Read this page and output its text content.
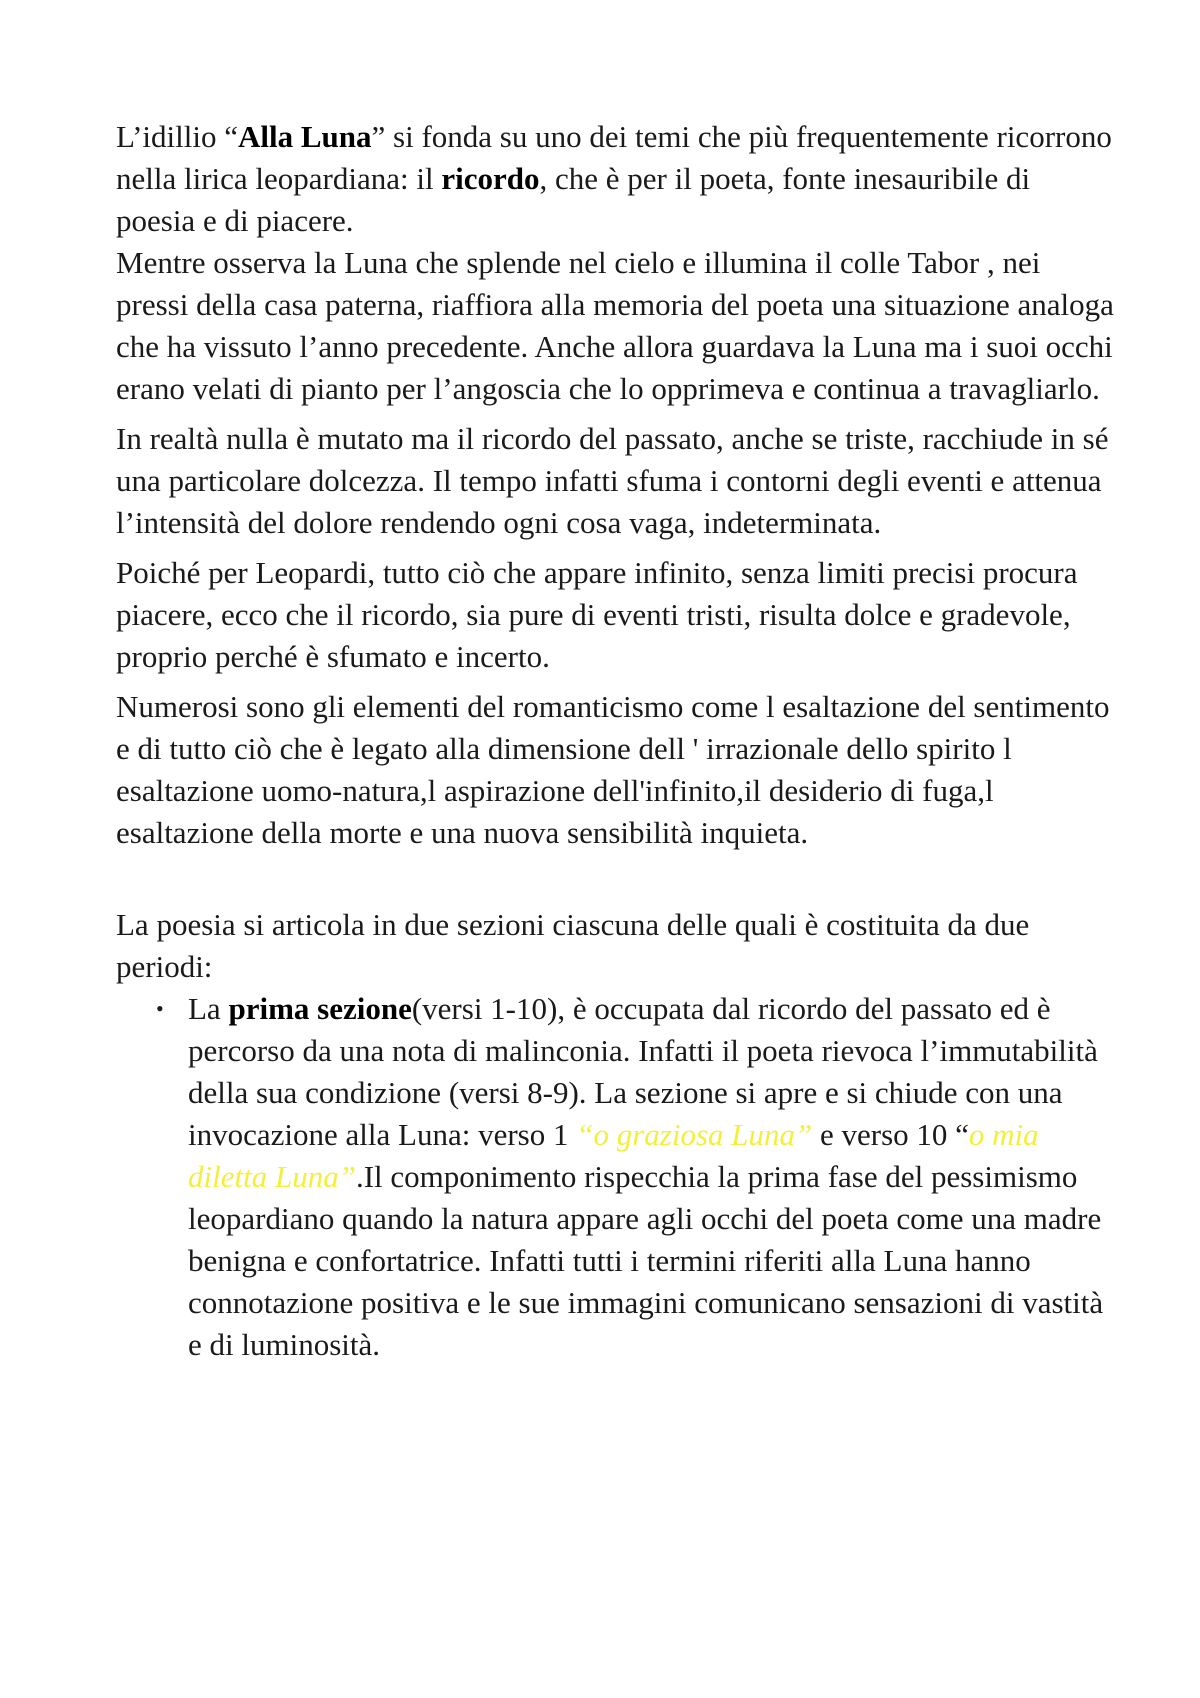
L’idillio “Alla Luna” si fonda su uno dei temi che più frequentemente ricorrono nella lirica leopardiana: il ricordo, che è per il poeta, fonte inesauribile di poesia e di piacere.

Mentre osserva la Luna che splende nel cielo e illumina il colle Tabor , nei pressi della casa paterna, riaffiora alla memoria del poeta una situazione analoga che ha vissuto l’anno precedente. Anche allora guardava la Luna ma i suoi occhi erano velati di pianto per l’angoscia che lo opprimeva e continua a travagliarlo.

In realtà nulla è mutato ma il ricordo del passato, anche se triste, racchiude in sé una particolare dolcezza. Il tempo infatti sfuma i contorni degli eventi e attenua l’intensità del dolore rendendo ogni cosa vaga, indeterminata.

Poiché per Leopardi, tutto ciò che appare infinito, senza limiti precisi procura piacere, ecco che il ricordo, sia pure di eventi tristi, risulta dolce e gradevole, proprio perché è sfumato e incerto.

Numerosi sono gli elementi del romanticismo come l esaltazione del sentimento e di tutto ciò che è legato alla dimensione dell ' irrazionale dello spirito l esaltazione uomo-natura,l aspirazione dell'infinito,il desiderio di fuga,l esaltazione della morte e una nuova sensibilità inquieta.

La poesia si articola in due sezioni ciascuna delle quali è costituita da due periodi:

• La prima sezione(versi 1-10), è occupata dal ricordo del passato ed è percorso da una nota di malinconia. Infatti il poeta rievoca l’immutabilità della sua condizione (versi 8-9). La sezione si apre e si chiude con una invocazione alla Luna: verso 1 “o graziosa Luna” e verso 10 “o mia diletta Luna”.Il componimento rispecchia la prima fase del pessimismo leopardiano quando la natura appare agli occhi del poeta come una madre benigna e confortatrice. Infatti tutti i termini riferiti alla Luna hanno connotazione positiva e le sue immagini comunicano sensazioni di vastità e di luminosità.
